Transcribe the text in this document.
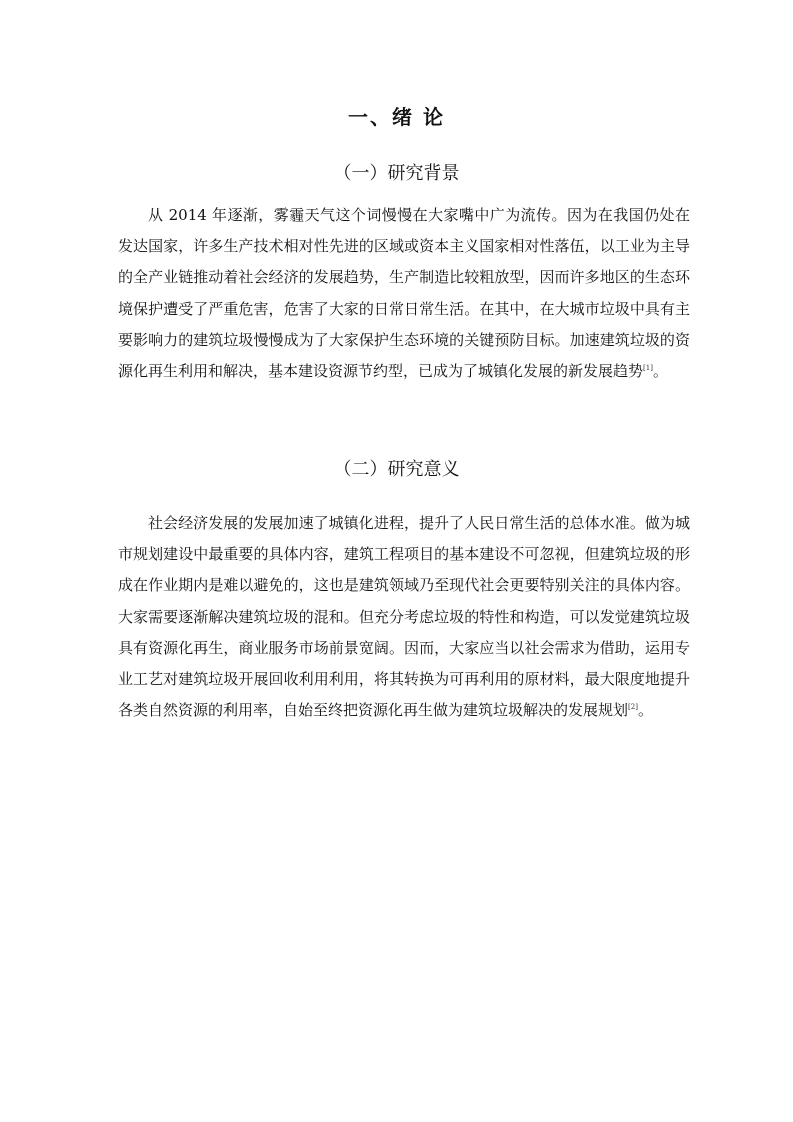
一、绪 论
（一）研究背景

从 2014 年逐渐，雾霾天气这个词慢慢在大家嘴中广为流传。因为在我国仍处在发达国家，许多生产技术相对性先进的区域或资本主义国家相对性落伍，以工业为主导的全产业链推动着社会经济的发展趋势，生产制造比较粗放型，因而许多地区的生态环境保护遭受了严重危害，危害了大家的日常日常生活。在其中，在大城市垃圾中具有主要影响力的建筑垃圾慢慢成为了大家保护生态环境的关键预防目标。加速建筑垃圾的资源化再生利用和解决，基本建设资源节约型，已成为了城镇化发展的新发展趋势[1]。

（二）研究意义

社会经济发展的发展加速了城镇化进程，提升了人民日常生活的总体水准。做为城市规划建设中最重要的具体内容，建筑工程项目的基本建设不可忽视，但建筑垃圾的形成在作业期内是难以避免的，这也是建筑领域乃至现代社会更要特别关注的具体内容。大家需要逐渐解决建筑垃圾的混和。但充分考虑垃圾的特性和构造，可以发觉建筑垃圾具有资源化再生，商业服务市场前景宽阔。因而，大家应当以社会需求为借助，运用专业工艺对建筑垃圾开展回收利用利用，将其转换为可再利用的原材料，最大限度地提升各类自然资源的利用率，自始至终把资源化再生做为建筑垃圾解决的发展规划[2]。
